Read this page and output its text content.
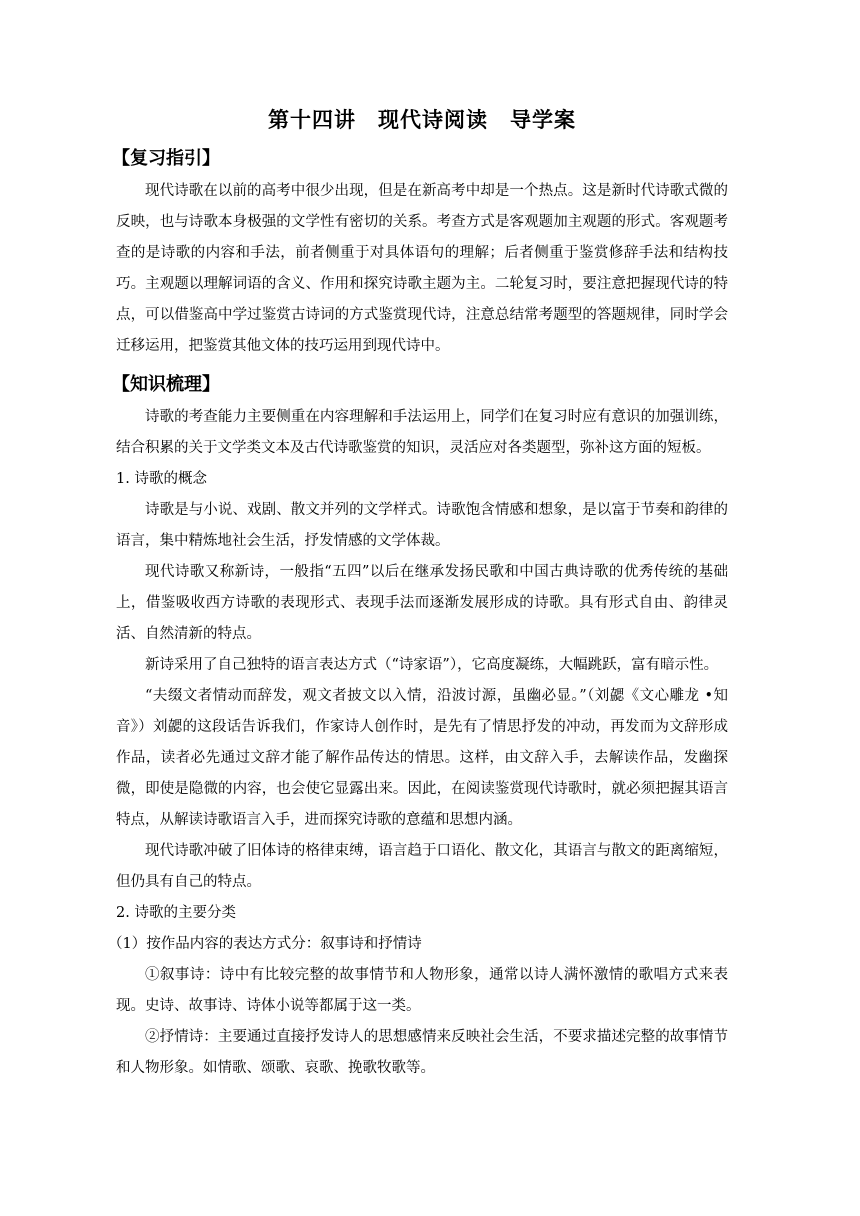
第十四讲　现代诗阅读　导学案
【复习指引】

现代诗歌在以前的高考中很少出现，但是在新高考中却是一个热点。这是新时代诗歌式微的反映，也与诗歌本身极强的文学性有密切的关系。考查方式是客观题加主观题的形式。客观题考查的是诗歌的内容和手法，前者侧重于对具体语句的理解；后者侧重于鉴赏修辞手法和结构技巧。主观题以理解词语的含义、作用和探究诗歌主题为主。二轮复习时，要注意把握现代诗的特点，可以借鉴高中学过鉴赏古诗词的方式鉴赏现代诗，注意总结常考题型的答题规律，同时学会迁移运用，把鉴赏其他文体的技巧运用到现代诗中。

【知识梳理】

诗歌的考查能力主要侧重在内容理解和手法运用上，同学们在复习时应有意识的加强训练，结合积累的关于文学类文本及古代诗歌鉴赏的知识，灵活应对各类题型，弥补这方面的短板。

1. 诗歌的概念

诗歌是与小说、戏剧、散文并列的文学样式。诗歌饱含情感和想象，是以富于节奏和韵律的语言，集中精炼地社会生活，抒发情感的文学体裁。

现代诗歌又称新诗，一般指“五四”以后在继承发扬民歌和中国古典诗歌的优秀传统的基础上，借鉴吸收西方诗歌的表现形式、表现手法而逐渐发展形成的诗歌。具有形式自由、韵律灵活、自然清新的特点。

新诗采用了自己独特的语言表达方式（“诗家语”），它高度凝练，大幅跳跃，富有暗示性。

“夫缀文者情动而辞发，观文者披文以入情，沿波讨源，虽幽必显。”（刘勰《文心雕龙 •知音》）刘勰的这段话告诉我们，作家诗人创作时，是先有了情思抒发的冲动，再发而为文辞形成作品，读者必先通过文辞才能了解作品传达的情思。这样，由文辞入手，去解读作品，发幽探微，即使是隐微的内容，也会使它显露出来。因此，在阅读鉴赏现代诗歌时，就必须把握其语言特点，从解读诗歌语言入手，进而探究诗歌的意蕴和思想内涵。

现代诗歌冲破了旧体诗的格律束缚，语言趋于口语化、散文化，其语言与散文的距离缩短，但仍具有自己的特点。

2. 诗歌的主要分类

（1）按作品内容的表达方式分：叙事诗和抒情诗

①叙事诗：诗中有比较完整的故事情节和人物形象，通常以诗人满怀激情的歌唱方式来表现。史诗、故事诗、诗体小说等都属于这一类。

②抒情诗：主要通过直接抒发诗人的思想感情来反映社会生活，不要求描述完整的故事情节和人物形象。如情歌、颂歌、哀歌、挽歌牧歌等。
